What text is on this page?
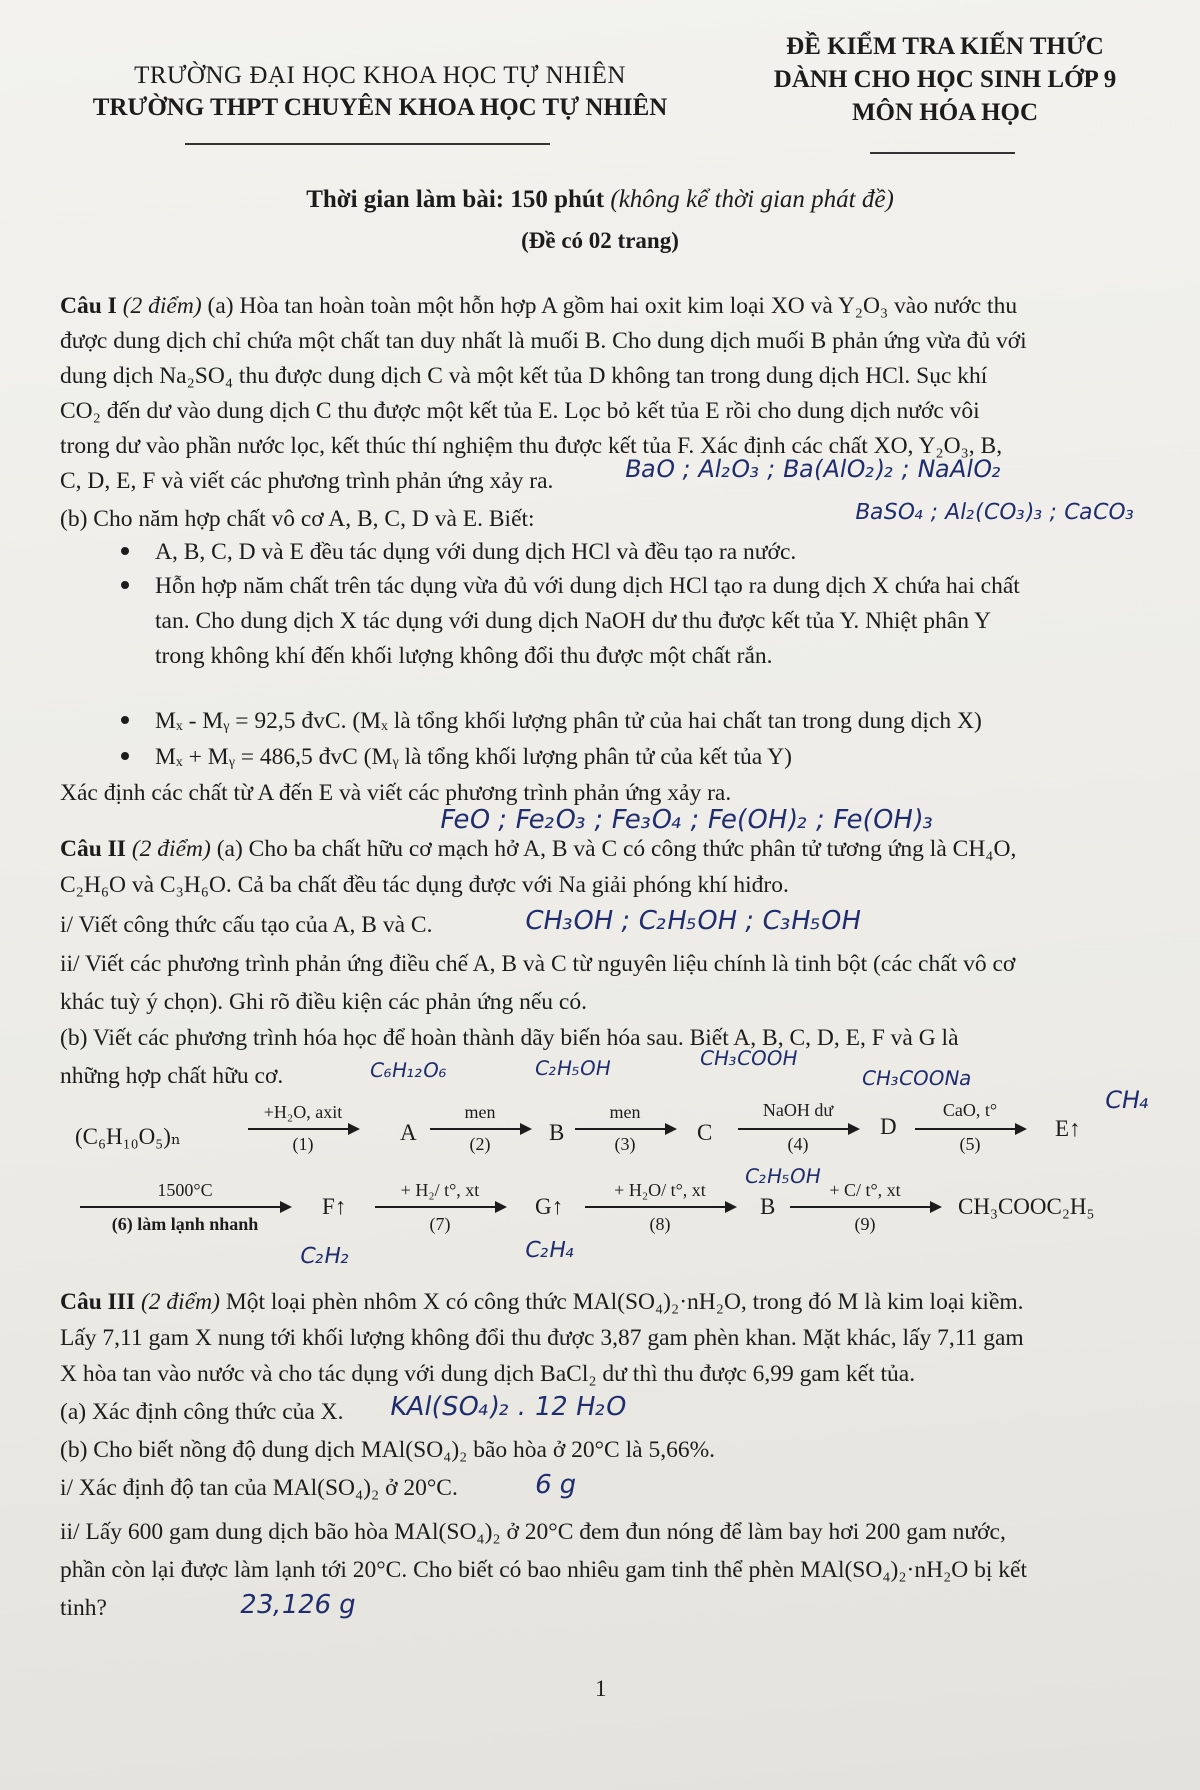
TRƯỜNG ĐẠI HỌC KHOA HỌC TỰ NHIÊN
TRƯỜNG THPT CHUYÊN KHOA HỌC TỰ NHIÊN
ĐỀ KIỂM TRA KIẾN THỨC
DÀNH CHO HỌC SINH LỚP 9
MÔN HÓA HỌC
Thời gian làm bài: 150 phút (không kể thời gian phát đề)
(Đề có 02 trang)
Câu I (2 điểm) (a) Hòa tan hoàn toàn một hỗn hợp A gồm hai oxit kim loại XO và Y₂O₃ vào nước thu
được dung dịch chỉ chứa một chất tan duy nhất là muối B. Cho dung dịch muối B phản ứng vừa đủ với
dung dịch Na₂SO₄ thu được dung dịch C và một kết tủa D không tan trong dung dịch HCl. Sục khí
CO₂ đến dư vào dung dịch C thu được một kết tủa E. Lọc bỏ kết tủa E rồi cho dung dịch nước vôi
trong dư vào phần nước lọc, kết thúc thí nghiệm thu được kết tủa F. Xác định các chất XO, Y₂O₃, B,
C, D, E, F và viết các phương trình phản ứng xảy ra.	BaO ; Al₂O₃ ; Ba(AlO₂)₂ ; NaAlO₂
(b) Cho năm hợp chất vô cơ A, B, C, D và E. Biết:	BaSO₄ ; Al₂(CO₃)₃ ; CaCO₃
A, B, C, D và E đều tác dụng với dung dịch HCl và đều tạo ra nước.
Hỗn hợp năm chất trên tác dụng vừa đủ với dung dịch HCl tạo ra dung dịch X chứa hai chất
tan. Cho dung dịch X tác dụng với dung dịch NaOH dư thu được kết tủa Y. Nhiệt phân Y
trong không khí đến khối lượng không đổi thu được một chất rắn.
Mₓ - Mᵧ = 92,5 đvC. (Mₓ là tổng khối lượng phân tử của hai chất tan trong dung dịch X)
Mₓ + Mᵧ = 486,5 đvC (Mᵧ là tổng khối lượng phân tử của kết tủa Y)
Xác định các chất từ A đến E và viết các phương trình phản ứng xảy ra.
FeO ; Fe₂O₃ ; Fe₃O₄ ; Fe(OH)₂ ; Fe(OH)₃
Câu II (2 điểm) (a) Cho ba chất hữu cơ mạch hở A, B và C có công thức phân tử tương ứng là CH₄O,
C₂H₆O và C₃H₆O. Cả ba chất đều tác dụng được với Na giải phóng khí hiđro.
i/ Viết công thức cấu tạo của A, B và C.	CH₃OH ; C₂H₅OH ; C₃H₅OH
ii/ Viết các phương trình phản ứng điều chế A, B và C từ nguyên liệu chính là tinh bột (các chất vô cơ
khác tuỳ ý chọn). Ghi rõ điều kiện các phản ứng nếu có.
(b) Viết các phương trình hóa học để hoàn thành dãy biến hóa sau. Biết A, B, C, D, E, F và G là
những hợp chất hữu cơ.	C₆H₁₂O₆	C₂H₅OH	CH₃COOH
CH₃COONa
CH₄
(C₆H₁₀O₅)ₙ
+H₂O, axit
(1)	A
men
(2)	B
men
(3)	C
NaOH dư
(4)
D
CaO, t°
(5)
E↑
1500°C
(6) làm lạnh nhanh
F↑
C₂H₂
+ H₂/ t°, xt
(7)
G↑
C₂H₄
+ H₂O/ t°, xt
(8)
B
C₂H₅OH
+ C/ t°, xt
(9)
CH₃COOC₂H₅
Câu III (2 điểm) Một loại phèn nhôm X có công thức MAl(SO₄)₂·nH₂O, trong đó M là kim loại kiềm.
Lấy 7,11 gam X nung tới khối lượng không đổi thu được 3,87 gam phèn khan. Mặt khác, lấy 7,11 gam
X hòa tan vào nước và cho tác dụng với dung dịch BaCl₂ dư thì thu được 6,99 gam kết tủa.
(a) Xác định công thức của X. KAl(SO₄)₂ . 12 H₂O
(b) Cho biết nồng độ dung dịch MAl(SO₄)₂ bão hòa ở 20°C là 5,66%.
i/ Xác định độ tan của MAl(SO₄)₂ ở 20°C.	6 g
ii/ Lấy 600 gam dung dịch bão hòa MAl(SO₄)₂ ở 20°C đem đun nóng để làm bay hơi 200 gam nước,
phần còn lại được làm lạnh tới 20°C. Cho biết có bao nhiêu gam tinh thể phèn MAl(SO₄)₂·nH₂O bị kết
tinh?	23,126 g
1
